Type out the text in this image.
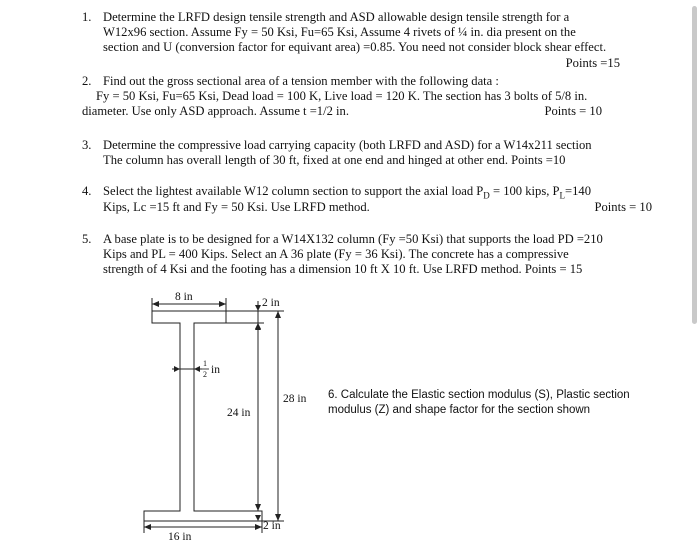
1. Determine the LRFD design tensile strength and ASD allowable design tensile strength for a
W12x96 section. Assume Fy = 50 Ksi, Fu=65 Ksi, Assume 4 rivets of ¼ in. dia present on the
section and U (conversion factor for equivant area) =0.85. You need not consider block shear effect.
Points =15
2. Find out the gross sectional area of a tension member with the following data :
Fy = 50 Ksi, Fu=65 Ksi, Dead load = 100 K, Live load = 120 K. The section has 3 bolts of 5/8 in.
diameter. Use only ASD approach. Assume t =1/2 in.	Points = 10
3. Determine the compressive load carrying capacity (both LRFD and ASD) for a W14x211 section
The column has overall length of 30 ft, fixed at one end and hinged at other end. Points =10
4. Select the lightest available W12 column section to support the axial load $P_D = 100$ kips, $P_L=140$
Kips, Lc =15 ft and Fy = 50 Ksi. Use LRFD method.	Points = 10
5. A base plate is to be designed for a W14X132 column (Fy =50 Ksi) that supports the load PD =210
Kips and PL = 400 Kips. Select an A 36 plate (Fy = 36 Ksi). The concrete has a compressive
strength of 4 Ksi and the footing has a dimension 10 ft X 10 ft. Use LRFD method. Points = 15
8 in	2 in
1
2 in
24 in
28 in
2 in
16 in
6. Calculate the Elastic section modulus (S), Plastic section modulus (Z) and shape factor for the section shown
